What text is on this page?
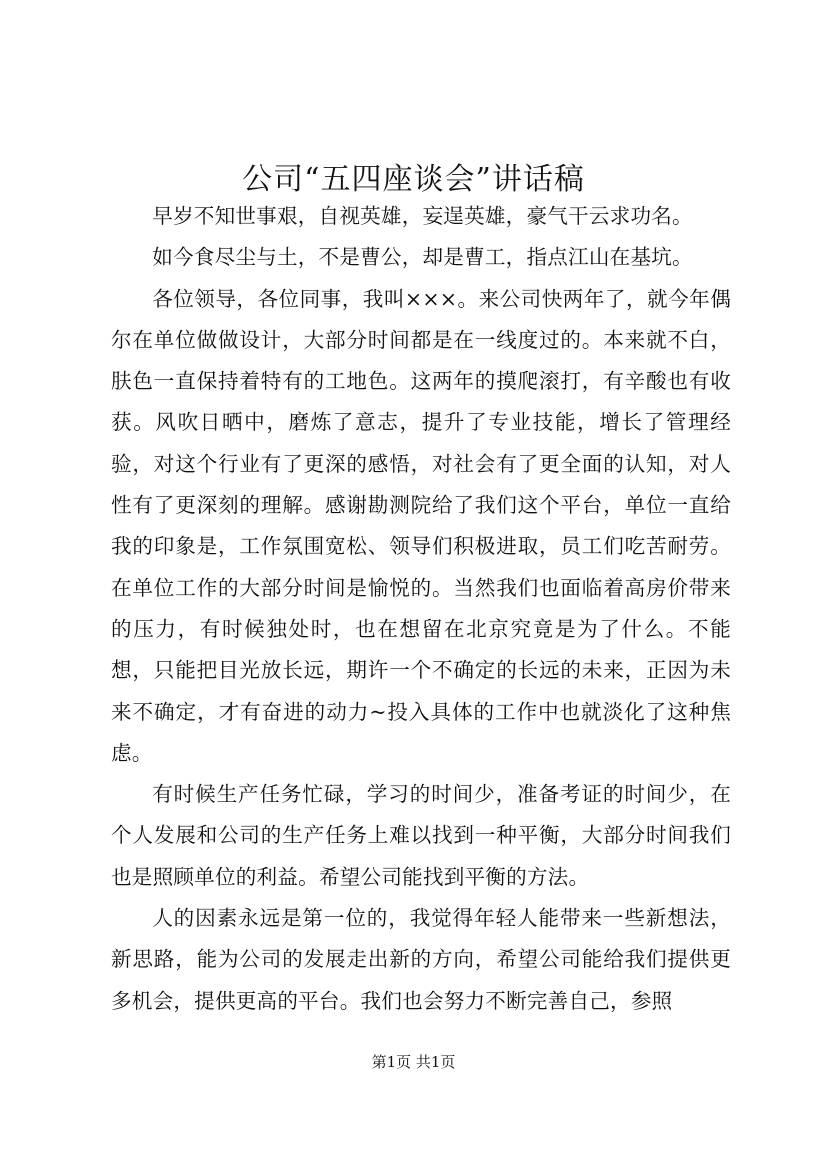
公司“五四座谈会”讲话稿

早岁不知世事艰，自视英雄，妄逞英雄，豪气干云求功名。

如今食尽尘与土，不是曹公，却是曹工，指点江山在基坑。

各位领导，各位同事，我叫×××。来公司快两年了，就今年偶尔在单位做做设计，大部分时间都是在一线度过的。本来就不白，肤色一直保持着特有的工地色。这两年的摸爬滚打，有辛酸也有收获。风吹日晒中，磨炼了意志，提升了专业技能，增长了管理经验，对这个行业有了更深的感悟，对社会有了更全面的认知，对人性有了更深刻的理解。感谢勘测院给了我们这个平台，单位一直给我的印象是，工作氛围宽松、领导们积极进取，员工们吃苦耐劳。在单位工作的大部分时间是愉悦的。当然我们也面临着高房价带来的压力，有时候独处时，也在想留在北京究竟是为了什么。不能想，只能把目光放长远，期许一个不确定的长远的未来，正因为未来不确定，才有奋进的动力~投入具体的工作中也就淡化了这种焦虑。

有时候生产任务忙碌，学习的时间少，准备考证的时间少，在个人发展和公司的生产任务上难以找到一种平衡，大部分时间我们也是照顾单位的利益。希望公司能找到平衡的方法。

人的因素永远是第一位的，我觉得年轻人能带来一些新想法，新思路，能为公司的发展走出新的方向，希望公司能给我们提供更多机会，提供更高的平台。我们也会努力不断完善自己，参照

第1页 共1页
